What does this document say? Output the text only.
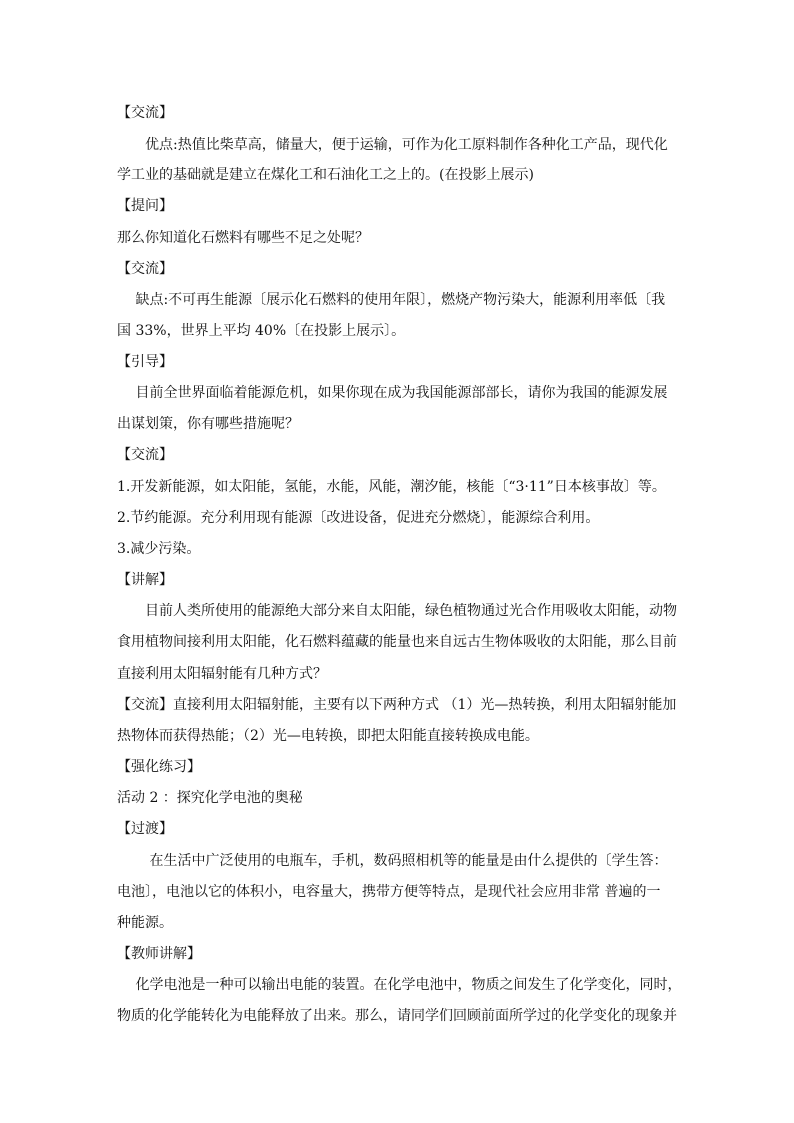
【交流】
　　优点:热值比柴草高，储量大，便于运输，可作为化工原料制作各种化工产品，现代化
学工业的基础就是建立在煤化工和石油化工之上的。(在投影上展示)
【提问】
那么你知道化石燃料有哪些不足之处呢？
【交流】
　 缺点:不可再生能源〔展示化石燃料的使用年限〕，燃烧产物污染大，能源利用率低〔我
国 33%，世界上平均 40%〔在投影上展示〕。
【引导】
　 目前全世界面临着能源危机，如果你现在成为我国能源部部长，请你为我国的能源发展
出谋划策，你有哪些措施呢？
【交流】
1.开发新能源，如太阳能，氢能，水能，风能，潮汐能，核能〔“3·11”日本核事故〕等。
2.节约能源。充分利用现有能源〔改进设备，促进充分燃烧〕，能源综合利用。
3.减少污染。
【讲解】
　　目前人类所使用的能源绝大部分来自太阳能，绿色植物通过光合作用吸收太阳能，动物
食用植物间接利用太阳能，化石燃料蕴藏的能量也来自远古生物体吸收的太阳能，那么目前
直接利用太阳辐射能有几种方式？
【交流】直接利用太阳辐射能，主要有以下两种方式 （1）光—热转换，利用太阳辐射能加
热物体而获得热能；（2）光—电转换，即把太阳能直接转换成电能。
【强化练习】
活动 2 ：探究化学电池的奥秘
【过渡】
　　 在生活中广泛使用的电瓶车，手机，数码照相机等的能量是由什么提供的〔学生答：
电池〕，电池以它的体积小，电容量大，携带方便等特点，是现代社会应用非常 普遍的一
种能源。
【教师讲解】
　 化学电池是一种可以输出电能的装置。在化学电池中，物质之间发生了化学变化，同时，
物质的化学能转化为电能释放了出来。那么，请同学们回顾前面所学过的化学变化的现象并
